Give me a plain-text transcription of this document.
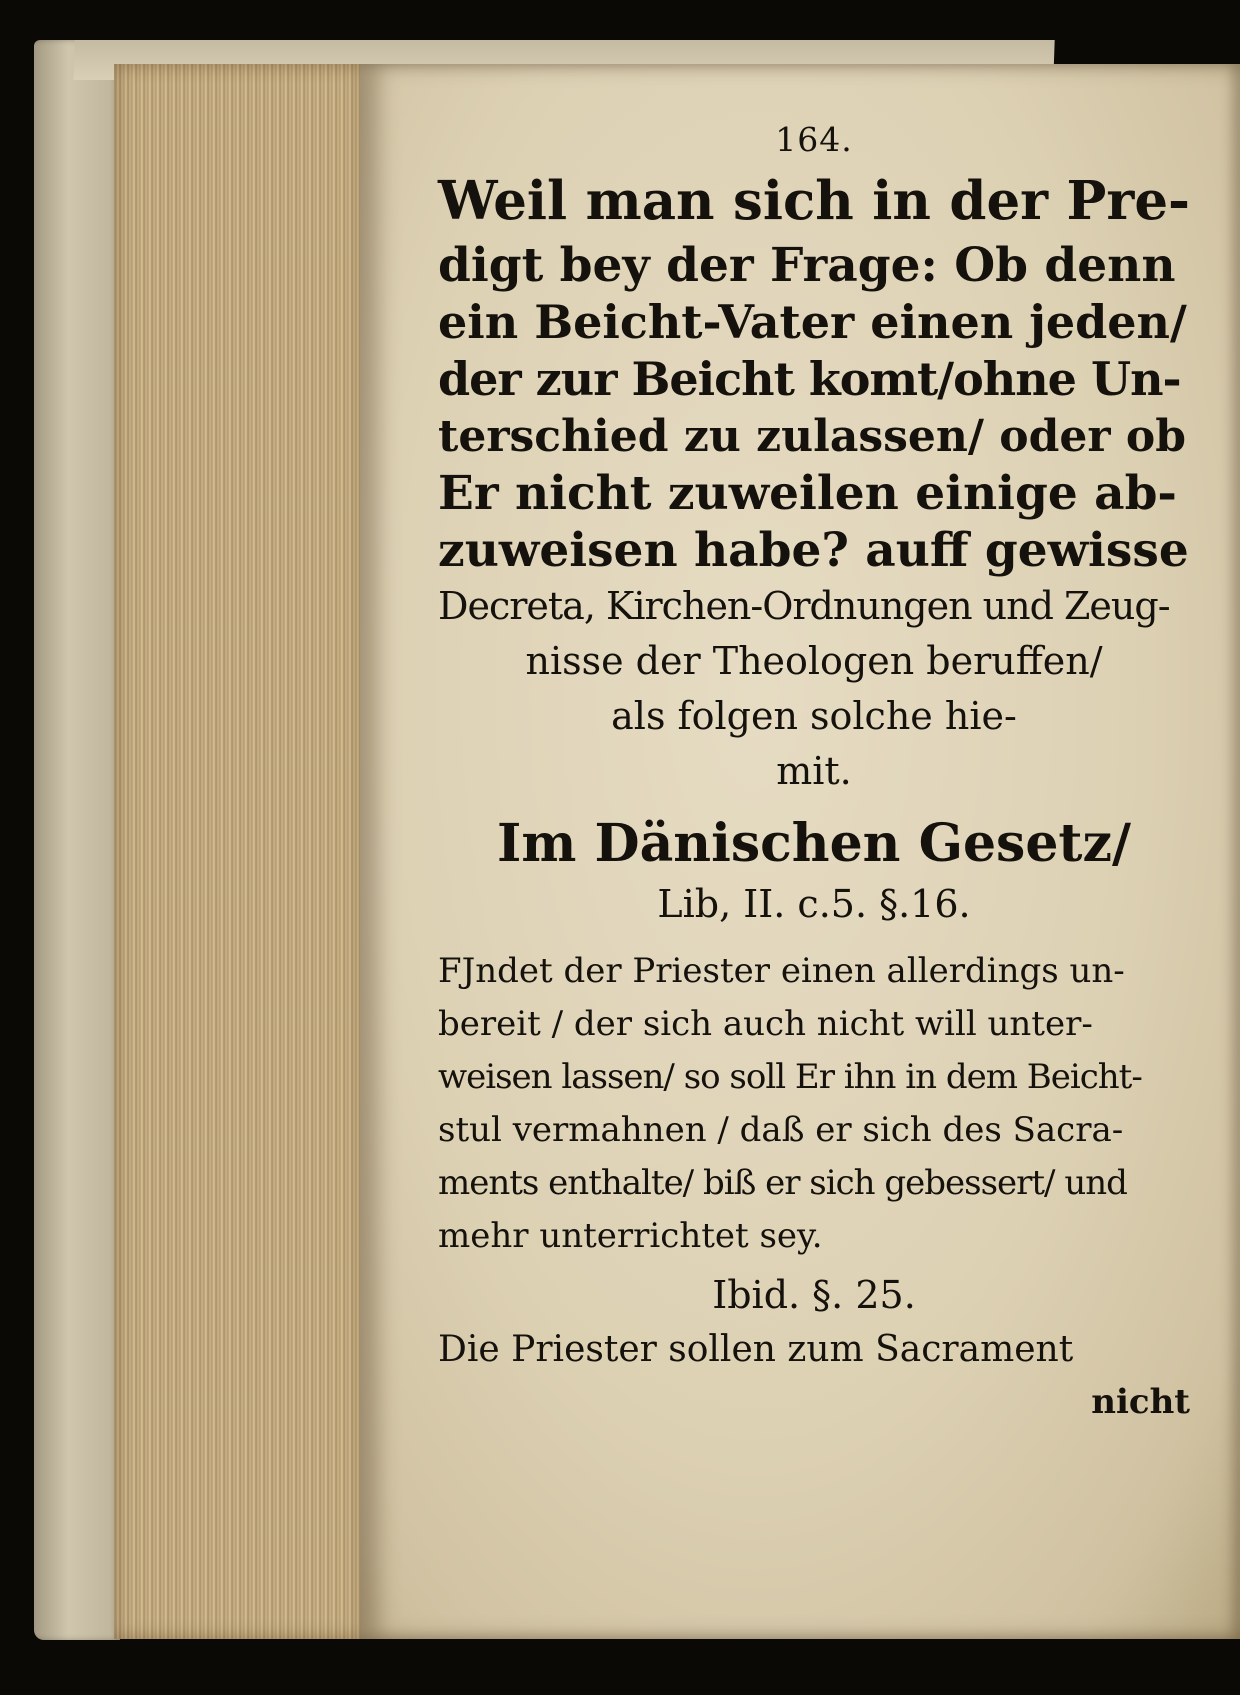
164.
Weil man sich in der Pre-
digt bey der Frage: Ob denn
ein Beicht-Vater einen jeden/
der zur Beicht komt/ohne Un-
terschied zu zulassen/ oder ob
Er nicht zuweilen einige ab-
zuweisen habe? auff gewisse
Decreta, Kirchen-Ordnungen und Zeug-
nisse der Theologen beruffen/
als folgen solche hie-
mit.
Im Dänischen Gesetz/
Lib, II. c.5. §.16.
FJndet der Priester einen allerdings un-
bereit / der sich auch nicht will unter-
weisen lassen/ so soll Er ihn in dem Beicht-
stul vermahnen / daß er sich des Sacra-
ments enthalte/ biß er sich gebessert/ und
mehr unterrichtet sey.
Ibid. §. 25.
Die Priester sollen zum Sacrament
nicht
